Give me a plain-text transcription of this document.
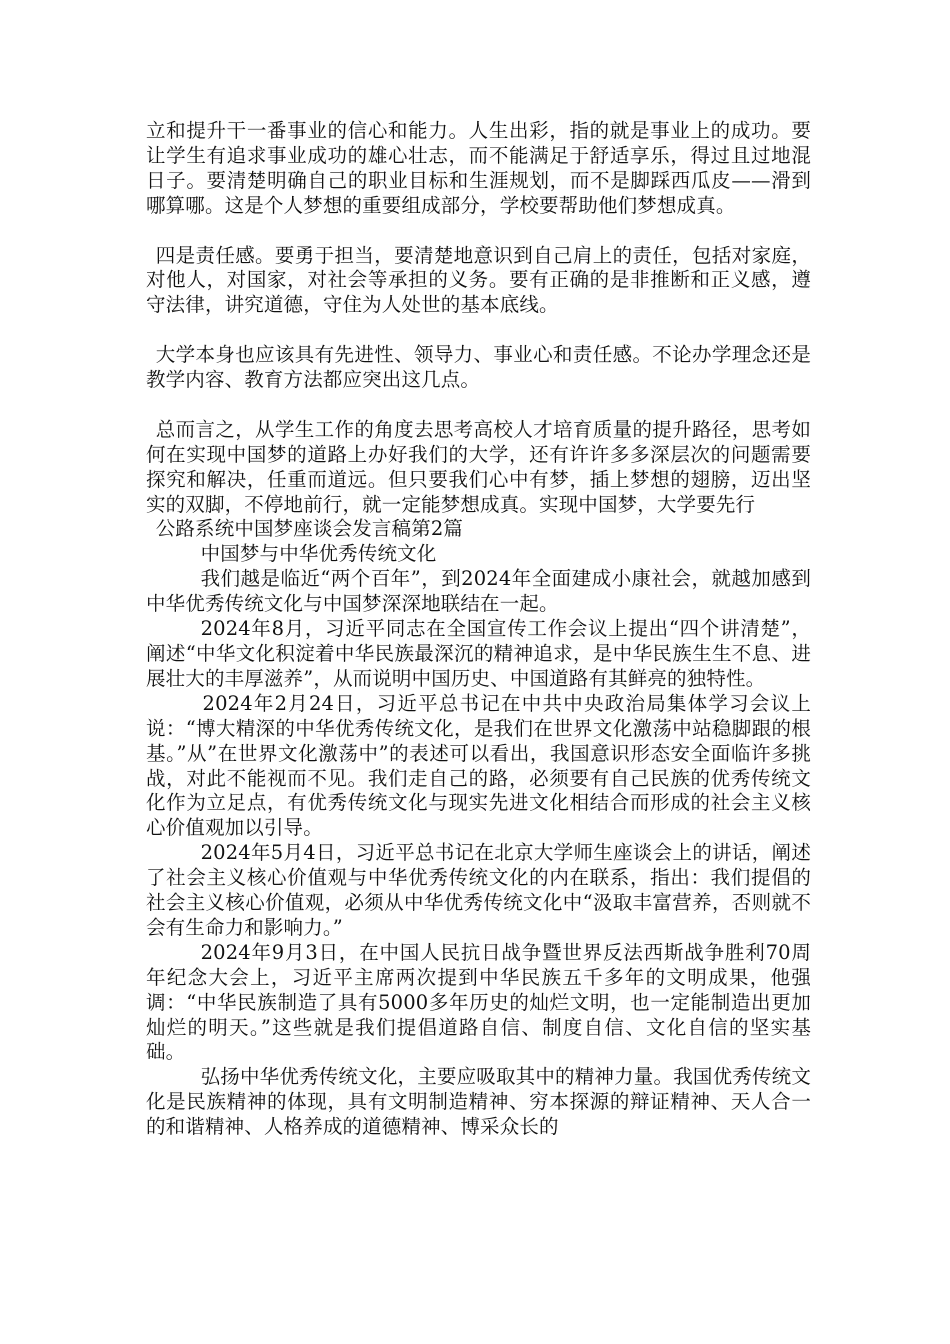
立和提升干一番事业的信心和能力。人生出彩，指的就是事业上的成功。要让学生有追求事业成功的雄心壮志，而不能满足于舒适享乐，得过且过地混日子。要清楚明确自己的职业目标和生涯规划，而不是脚踩西瓜皮——滑到哪算哪。这是个人梦想的重要组成部分，学校要帮助他们梦想成真。

四是责任感。要勇于担当，要清楚地意识到自己肩上的责任，包括对家庭，对他人，对国家，对社会等承担的义务。要有正确的是非推断和正义感，遵守法律，讲究道德，守住为人处世的基本底线。

大学本身也应该具有先进性、领导力、事业心和责任感。不论办学理念还是教学内容、教育方法都应突出这几点。

总而言之，从学生工作的角度去思考高校人才培育质量的提升路径，思考如何在实现中国梦的道路上办好我们的大学，还有许许多多深层次的问题需要探究和解决，任重而道远。但只要我们心中有梦，插上梦想的翅膀，迈出坚实的双脚，不停地前行，就一定能梦想成真。实现中国梦，大学要先行

公路系统中国梦座谈会发言稿第2篇

中国梦与中华优秀传统文化

我们越是临近“两个百年”，到2024年全面建成小康社会，就越加感到中华优秀传统文化与中国梦深深地联结在一起。

2024年8月，习近平同志在全国宣传工作会议上提出“四个讲清楚”，阐述“中华文化积淀着中华民族最深沉的精神追求，是中华民族生生不息、进展壮大的丰厚滋养”，从而说明中国历史、中国道路有其鲜亮的独特性。

2024年2月24日，习近平总书记在中共中央政治局集体学习会议上说：“博大精深的中华优秀传统文化，是我们在世界文化激荡中站稳脚跟的根基。”从”在世界文化激荡中”的表述可以看出，我国意识形态安全面临许多挑战，对此不能视而不见。我们走自己的路，必须要有自己民族的优秀传统文化作为立足点，有优秀传统文化与现实先进文化相结合而形成的社会主义核心价值观加以引导。

2024年5月4日，习近平总书记在北京大学师生座谈会上的讲话，阐述了社会主义核心价值观与中华优秀传统文化的内在联系，指出：我们提倡的社会主义核心价值观，必须从中华优秀传统文化中“汲取丰富营养，否则就不会有生命力和影响力。”

2024年9月3日，在中国人民抗日战争暨世界反法西斯战争胜利70周年纪念大会上，习近平主席两次提到中华民族五千多年的文明成果，他强调：“中华民族制造了具有5000多年历史的灿烂文明，也一定能制造出更加灿烂的明天。”这些就是我们提倡道路自信、制度自信、文化自信的坚实基础。

弘扬中华优秀传统文化，主要应吸取其中的精神力量。我国优秀传统文化是民族精神的体现，具有文明制造精神、穷本探源的辩证精神、天人合一的和谐精神、人格养成的道德精神、博采众长的
